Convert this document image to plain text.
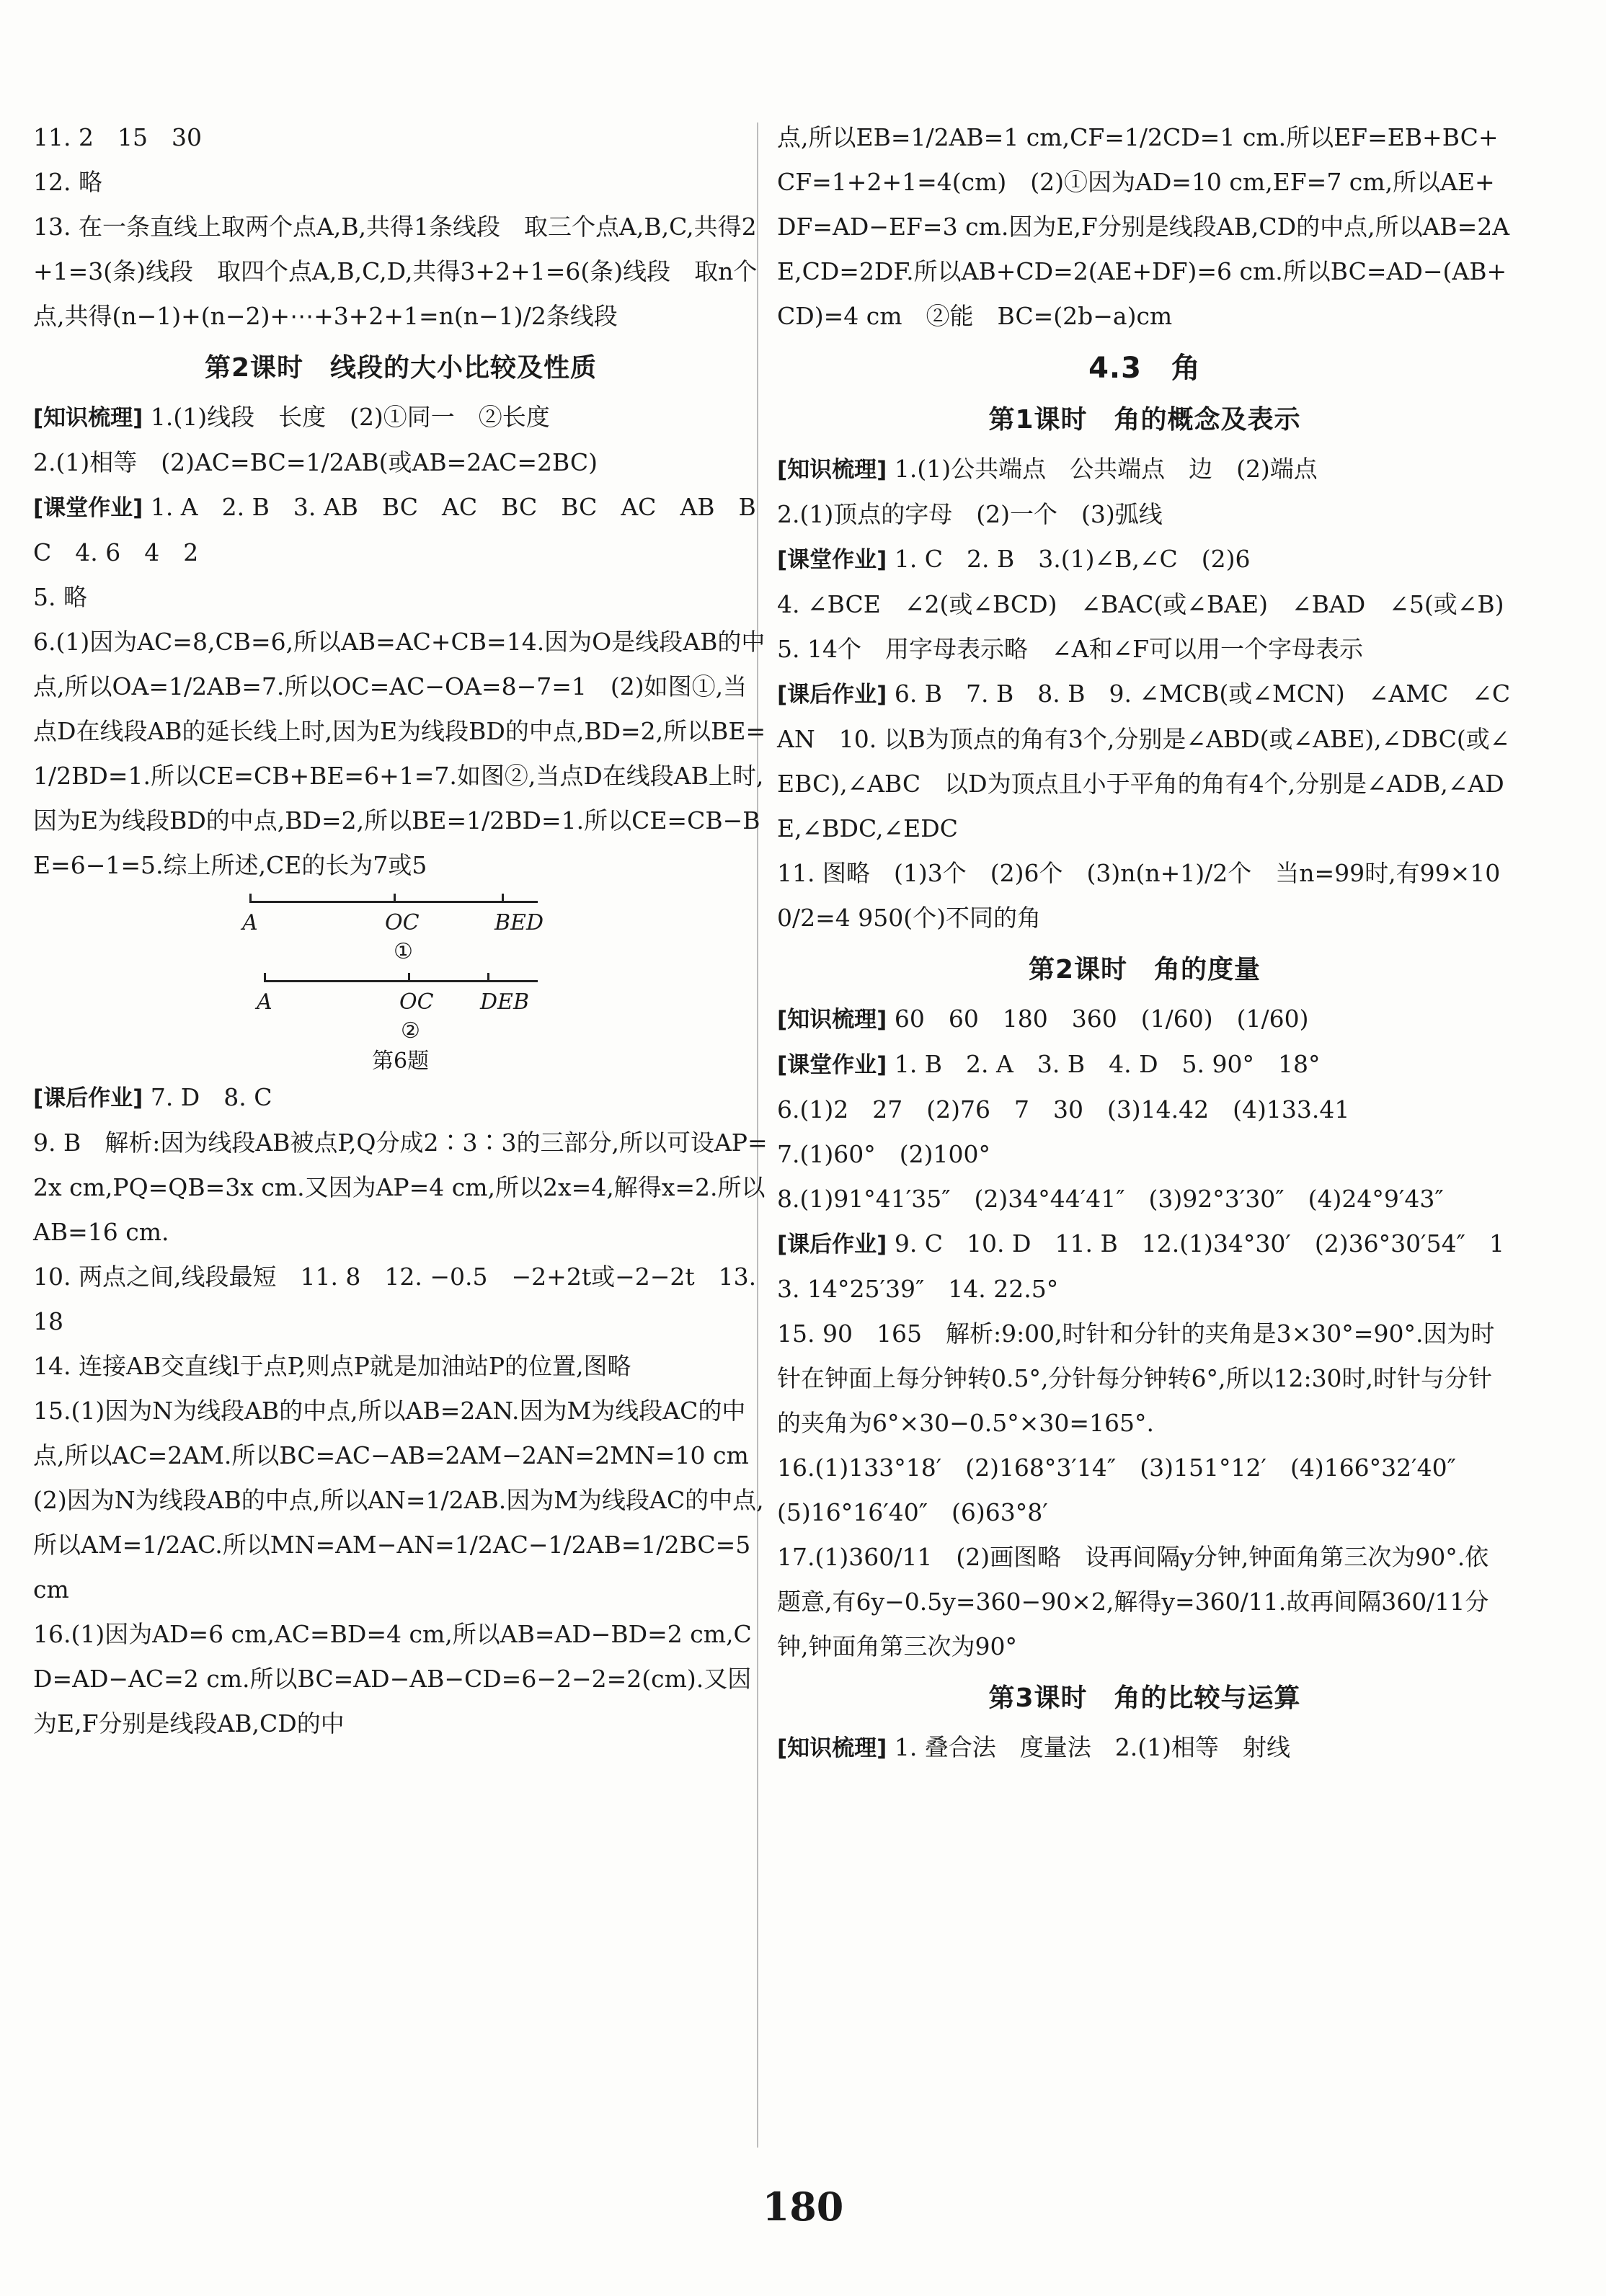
11. 2　15　30

12. 略

13. 在一条直线上取两个点A,B,共得1条线段　取三个点A,B,C,共得2+1=3(条)线段　取四个点A,B,C,D,共得3+2+1=6(条)线段　取n个点,共得(n−1)+(n−2)+⋯+3+2+1=n(n−1)/2条线段

第2课时　线段的大小比较及性质

[知识梳理] 1.(1)线段　长度　(2)①同一　②长度

2.(1)相等　(2)AC=BC=1/2AB(或AB=2AC=2BC)

[课堂作业] 1. A　2. B　3. AB　BC　AC　BC　BC　AC　AB　BC　4. 6　4　2

5. 略

6.(1)因为AC=8,CB=6,所以AB=AC+CB=14.因为O是线段AB的中点,所以OA=1/2AB=7.所以OC=AC−OA=8−7=1　(2)如图①,当点D在线段AB的延长线上时,因为E为线段BD的中点,BD=2,所以BE=1/2BD=1.所以CE=CB+BE=6+1=7.如图②,当点D在线段AB上时,因为E为线段BD的中点,BD=2,所以BE=1/2BD=1.所以CE=CB−BE=6−1=5.综上所述,CE的长为7或5

A	OC	BED
①
A	OC DEB
②
第6题

[课后作业] 7. D　8. C

9. B　解析:因为线段AB被点P,Q分成2∶3∶3的三部分,所以可设AP=2x cm,PQ=QB=3x cm.又因为AP=4 cm,所以2x=4,解得x=2.所以AB=16 cm.

10. 两点之间,线段最短　11. 8　12. −0.5　−2+2t或−2−2t　13. 18

14. 连接AB交直线l于点P,则点P就是加油站P的位置,图略

15.(1)因为N为线段AB的中点,所以AB=2AN.因为M为线段AC的中点,所以AC=2AM.所以BC=AC−AB=2AM−2AN=2MN=10 cm　(2)因为N为线段AB的中点,所以AN=1/2AB.因为M为线段AC的中点,所以AM=1/2AC.所以MN=AM−AN=1/2AC−1/2AB=1/2BC=5 cm

16.(1)因为AD=6 cm,AC=BD=4 cm,所以AB=AD−BD=2 cm,CD=AD−AC=2 cm.所以BC=AD−AB−CD=6−2−2=2(cm).又因为E,F分别是线段AB,CD的中

点,所以EB=1/2AB=1 cm,CF=1/2CD=1 cm.所以EF=EB+BC+CF=1+2+1=4(cm)　(2)①因为AD=10 cm,EF=7 cm,所以AE+DF=AD−EF=3 cm.因为E,F分别是线段AB,CD的中点,所以AB=2AE,CD=2DF.所以AB+CD=2(AE+DF)=6 cm.所以BC=AD−(AB+CD)=4 cm　②能　BC=(2b−a)cm

4.3　角
第1课时　角的概念及表示

[知识梳理] 1.(1)公共端点　公共端点　边　(2)端点

2.(1)顶点的字母　(2)一个　(3)弧线

[课堂作业] 1. C　2. B　3.(1)∠B,∠C　(2)6

4. ∠BCE　∠2(或∠BCD)　∠BAC(或∠BAE)　∠BAD　∠5(或∠B)

5. 14个　用字母表示略　∠A和∠F可以用一个字母表示

[课后作业] 6. B　7. B　8. B　9. ∠MCB(或∠MCN)　∠AMC　∠CAN　10. 以B为顶点的角有3个,分别是∠ABD(或∠ABE),∠DBC(或∠EBC),∠ABC　以D为顶点且小于平角的角有4个,分别是∠ADB,∠ADE,∠BDC,∠EDC

11. 图略　(1)3个　(2)6个　(3)n(n+1)/2个　当n=99时,有99×100/2=4 950(个)不同的角

第2课时　角的度量

[知识梳理] 60　60　180　360　(1/60)　(1/60)

[课堂作业] 1. B　2. A　3. B　4. D　5. 90°　18°

6.(1)2　27　(2)76　7　30　(3)14.42　(4)133.41

7.(1)60°　(2)100°

8.(1)91°41′35″　(2)34°44′41″　(3)92°3′30″　(4)24°9′43″

[课后作业] 9. C　10. D　11. B　12.(1)34°30′　(2)36°30′54″　13. 14°25′39″　14. 22.5°

15. 90　165　解析:9:00,时针和分针的夹角是3×30°=90°.因为时针在钟面上每分钟转0.5°,分针每分钟转6°,所以12:30时,时针与分针的夹角为6°×30−0.5°×30=165°.

16.(1)133°18′　(2)168°3′14″　(3)151°12′　(4)166°32′40″　(5)16°16′40″　(6)63°8′

17.(1)360/11　(2)画图略　设再间隔y分钟,钟面角第三次为90°.依题意,有6y−0.5y=360−90×2,解得y=360/11.故再间隔360/11分钟,钟面角第三次为90°

第3课时　角的比较与运算

[知识梳理] 1. 叠合法　度量法　2.(1)相等　射线

180
